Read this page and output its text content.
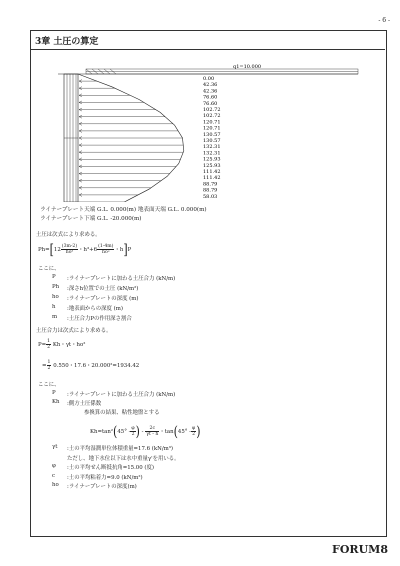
- 6 -
3章 土圧の算定
q1=10.000
0.00
42.36
42.36
76.60
76.60
102.72
102.72
120.71
120.71
130.57
130.57
132.31
132.31
125.93
125.93
111.42
111.42
88.79
88.79
58.03
ライナープレート天端 G.L. 0.000(m) 地表面天端 G.L. 0.000(m)
ライナープレート下端 G.L. -20.000(m)
土圧は次式により求める。
$Ph=[12 \frac{(3m-2)}{\text{hoᶟ}}$ ・$h^3+6 \frac{(1-4m)}{\text{ho²}}$ ・h]P
ここに、
P :ライナープレートに加わる土圧合力 (kN/m)
Ph :深さh位置での土圧 (kN/m²)
ho :ライナープレートの深度 (m)
h :地表面からの深度 (m)
m :土圧合力Pの作用深さ割合
土圧合力は次式により求める。
$P= \frac{1}{2}$ Kh・γt・ho²
= $\frac{1}{2} 0.550$・17.6・20.000²=1934.42
ここに、
P :ライナープレートに加わる土圧合力 (kN/m)
Kh :側方土圧係数
参換算の結果、粘性地盤とする
$Kh=\tan^2(45^\circ - \frac{\varphi}{2}$ ) - $\frac{2c}{\gamma t・h}$ ・$\tan(45^\circ - \frac{\varphi}{2}$ )
γt :土の平均湿潤単位体積重量=17.6 (kN/m³)
ただし、地下水位以下は水中重量γ'を用いる。
φ :土の平均せん断抵抗角=15.00 (度)
c :土の平均粘着力=9.0 (kN/m²)
ho :ライナープレートの深度(m)
FORUM8
